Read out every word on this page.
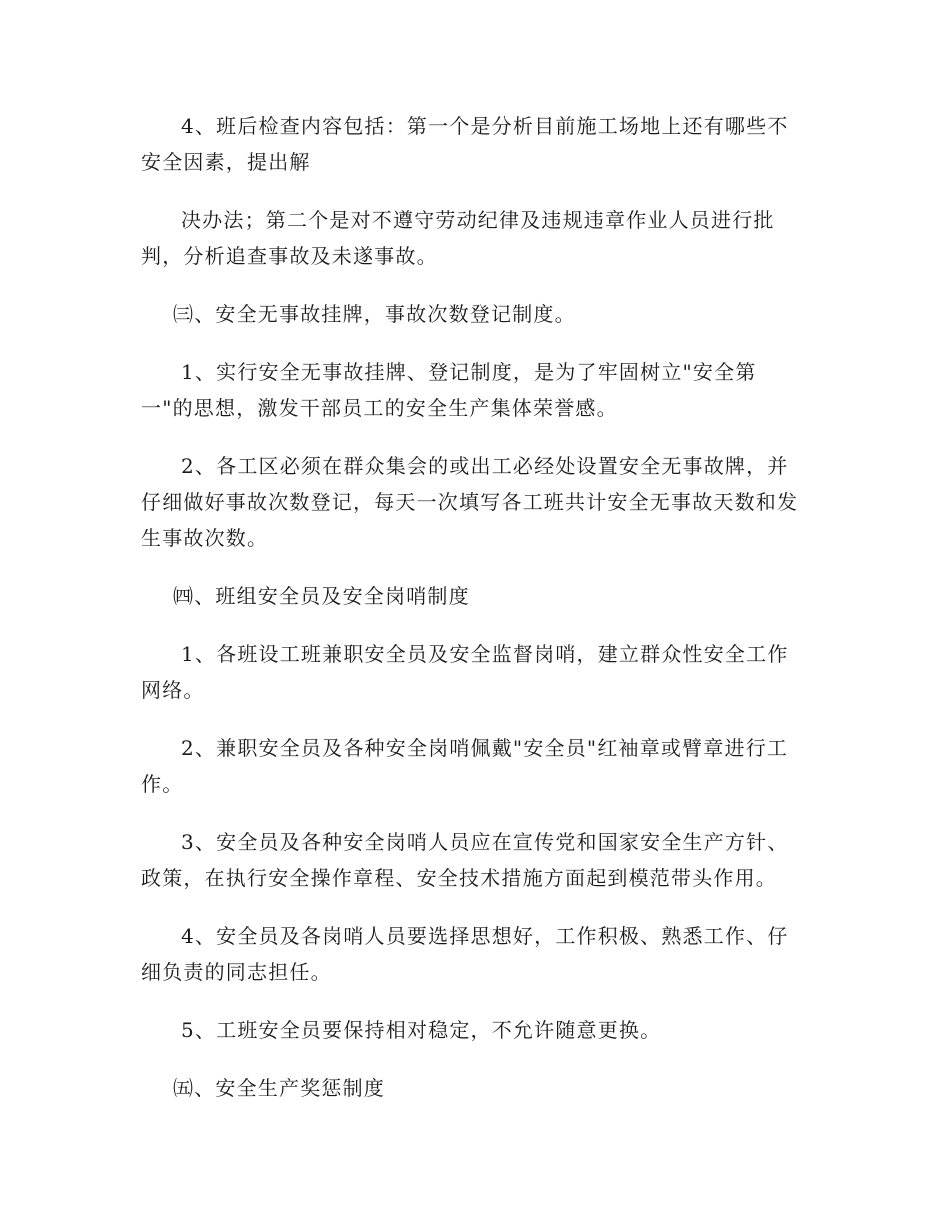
4、班后检查内容包括：第一个是分析目前施工场地上还有哪些不安全因素，提出解

决办法；第二个是对不遵守劳动纪律及违规违章作业人员进行批判，分析追查事故及未遂事故。

㈢、安全无事故挂牌，事故次数登记制度。

1、实行安全无事故挂牌、登记制度，是为了牢固树立"安全第一"的思想，激发干部员工的安全生产集体荣誉感。

2、各工区必须在群众集会的或出工必经处设置安全无事故牌，并仔细做好事故次数登记，每天一次填写各工班共计安全无事故天数和发生事故次数。

㈣、班组安全员及安全岗哨制度

1、各班设工班兼职安全员及安全监督岗哨，建立群众性安全工作网络。

2、兼职安全员及各种安全岗哨佩戴"安全员"红袖章或臂章进行工作。

3、安全员及各种安全岗哨人员应在宣传党和国家安全生产方针、政策，在执行安全操作章程、安全技术措施方面起到模范带头作用。

4、安全员及各岗哨人员要选择思想好，工作积极、熟悉工作、仔细负责的同志担任。

5、工班安全员要保持相对稳定，不允许随意更换。

㈤、安全生产奖惩制度
